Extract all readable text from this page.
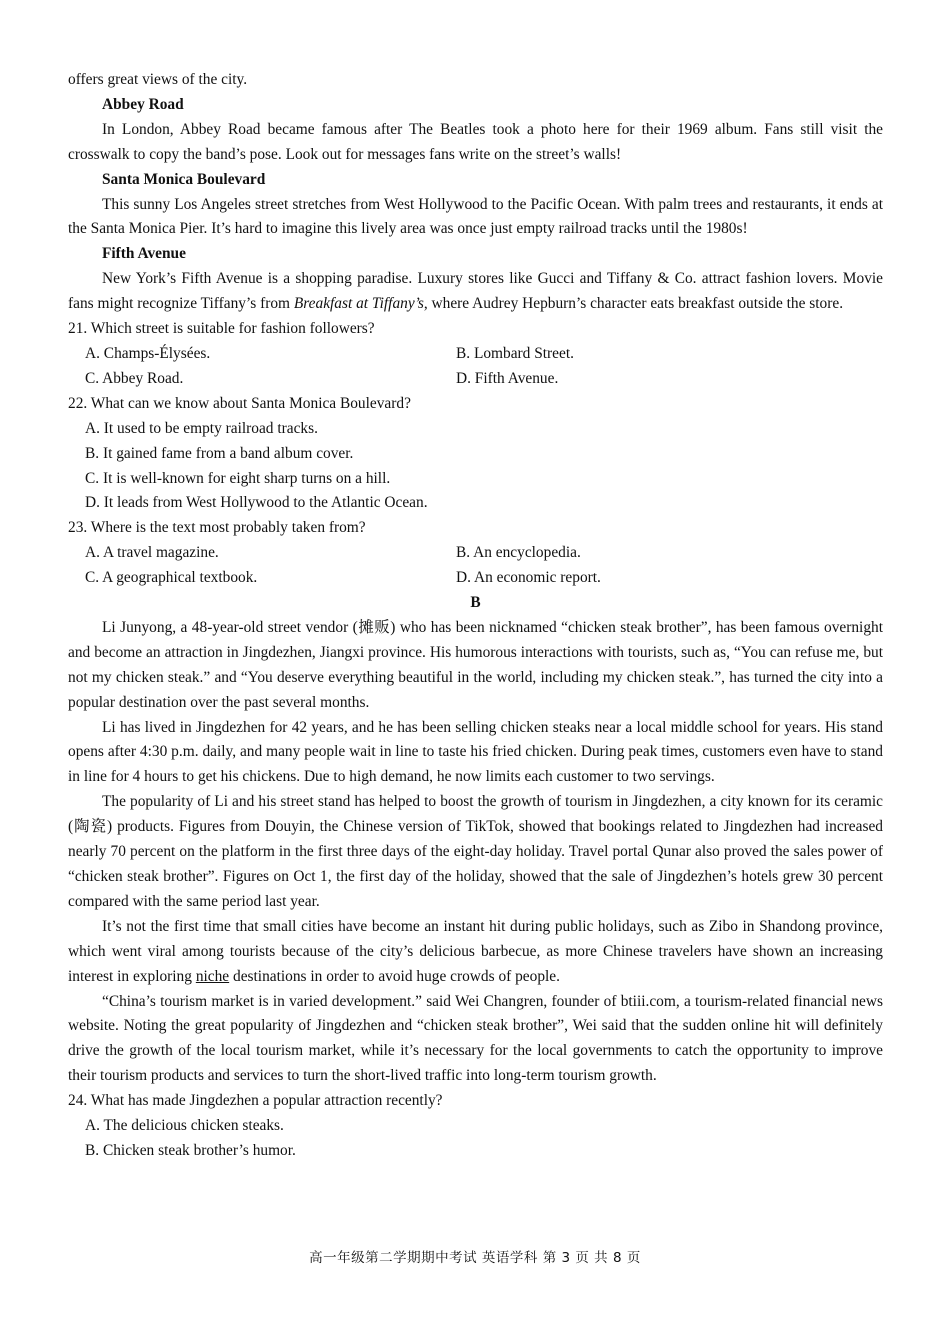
offers great views of the city.

Abbey Road

In London, Abbey Road became famous after The Beatles took a photo here for their 1969 album. Fans still visit the crosswalk to copy the band’s pose. Look out for messages fans write on the street’s walls!

Santa Monica Boulevard

This sunny Los Angeles street stretches from West Hollywood to the Pacific Ocean. With palm trees and restaurants, it ends at the Santa Monica Pier. It’s hard to imagine this lively area was once just empty railroad tracks until the 1980s!

Fifth Avenue

New York’s Fifth Avenue is a shopping paradise. Luxury stores like Gucci and Tiffany & Co. attract fashion lovers. Movie fans might recognize Tiffany’s from Breakfast at Tiffany’s, where Audrey Hepburn’s character eats breakfast outside the store.

21. Which street is suitable for fashion followers?

A. Champs-Élysées.	B. Lombard Street.
C. Abbey Road.	D. Fifth Avenue.

22. What can we know about Santa Monica Boulevard?

A. It used to be empty railroad tracks.

B. It gained fame from a band album cover.

C. It is well-known for eight sharp turns on a hill.

D. It leads from West Hollywood to the Atlantic Ocean.

23. Where is the text most probably taken from?

A. A travel magazine.	B. An encyclopedia.
C. A geographical textbook.	D. An economic report.

B

Li Junyong, a 48-year-old street vendor (摊贩) who has been nicknamed “chicken steak brother”, has been famous overnight and become an attraction in Jingdezhen, Jiangxi province. His humorous interactions with tourists, such as, “You can refuse me, but not my chicken steak.” and “You deserve everything beautiful in the world, including my chicken steak.”, has turned the city into a popular destination over the past several months.

Li has lived in Jingdezhen for 42 years, and he has been selling chicken steaks near a local middle school for years. His stand opens after 4:30 p.m. daily, and many people wait in line to taste his fried chicken. During peak times, customers even have to stand in line for 4 hours to get his chickens. Due to high demand, he now limits each customer to two servings.

The popularity of Li and his street stand has helped to boost the growth of tourism in Jingdezhen, a city known for its ceramic (陶瓷) products. Figures from Douyin, the Chinese version of TikTok, showed that bookings related to Jingdezhen had increased nearly 70 percent on the platform in the first three days of the eight-day holiday. Travel portal Qunar also proved the sales power of “chicken steak brother”. Figures on Oct 1, the first day of the holiday, showed that the sale of Jingdezhen’s hotels grew 30 percent compared with the same period last year.

It’s not the first time that small cities have become an instant hit during public holidays, such as Zibo in Shandong province, which went viral among tourists because of the city’s delicious barbecue, as more Chinese travelers have shown an increasing interest in exploring niche destinations in order to avoid huge crowds of people.

“China’s tourism market is in varied development.” said Wei Changren, founder of btiii.com, a tourism-related financial news website. Noting the great popularity of Jingdezhen and “chicken steak brother”, Wei said that the sudden online hit will definitely drive the growth of the local tourism market, while it’s necessary for the local governments to catch the opportunity to improve their tourism products and services to turn the short-lived traffic into long-term tourism growth.

24. What has made Jingdezhen a popular attraction recently?

A. The delicious chicken steaks.

B. Chicken steak brother’s humor.

高一年级第二学期期中考试 英语学科 第 3 页 共 8 页
